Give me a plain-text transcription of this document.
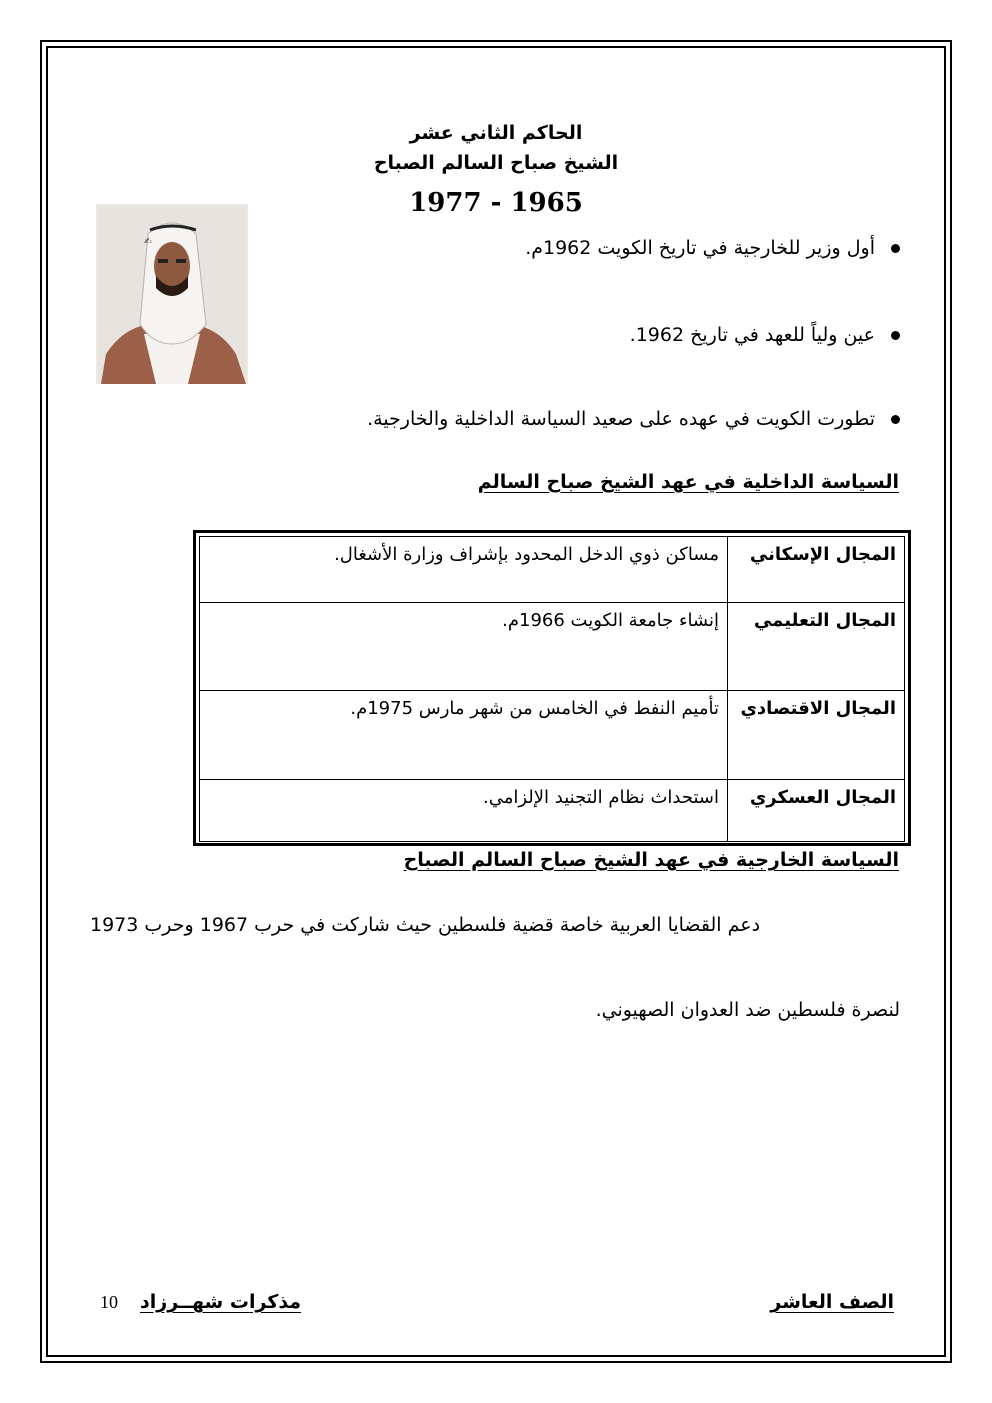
الحاكم الثاني عشر
الشيخ صباح السالم الصباح
1977 - 1965
✍	أول وزير للخارجية في تاريخ الكويت 1962م.
عين ولياً للعهد في تاريخ 1962.
تطورت الكويت في عهده على صعيد السياسة الداخلية والخارجية.
السياسة الداخلية في عهد الشيخ صباح السالم
المجال الإسكاني	مساكن ذوي الدخل المحدود بإشراف وزارة الأشغال.
المجال التعليمي	إنشاء جامعة الكويت 1966م.
المجال الاقتصادي	تأميم النفط في الخامس من شهر مارس 1975م.
المجال العسكري	استحداث نظام التجنيد الإلزامي.
السياسة الخارجية في عهد الشيخ صباح السالم الصباح
دعم القضايا العربية خاصة قضية فلسطين حيث شاركت في حرب 1967 وحرب 1973
لنصرة فلسطين ضد العدوان الصهيوني.
الصف العاشر
مذكرات شهــرزاد
10
